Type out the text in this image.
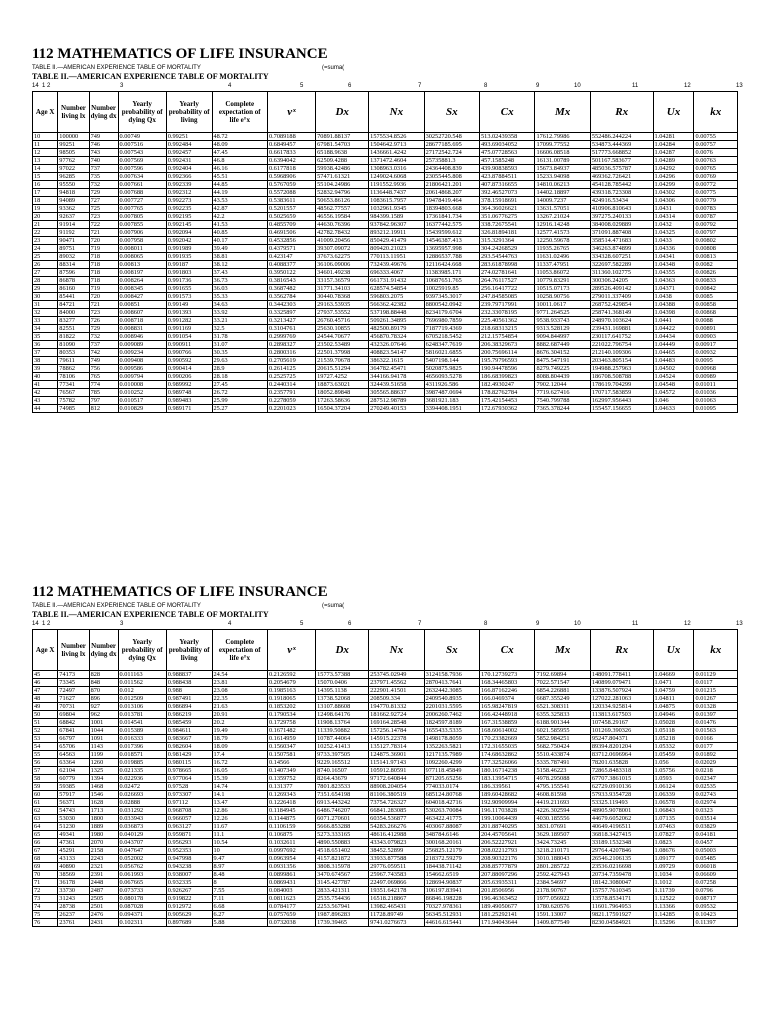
112 MATHEMATICS OF LIFE INSURANCE
TABLE II.—AMERICAN EXPERIENCE TABLE OF MORTALITY	(=suma(
TABLE II.—AMERICAN EXPERIENCE TABLE OF MORTALITY
1 2	3	4	5	6	7	8	9	10	11	12	13
14
Age X	Number living lx	Number dying dx	Yearly probability of dying Qx	Yearly probability of living	Complete expectation of life e°x	vˣ	Dx	Nx	Sx	Cx	Mx	Rx	Ux	kx
10	100000	749	0.00749	0.99251	48.72	0.7089188	70891.88137	1575534.8526	30252720.548	513.02439358	17612.79986	552486.244224	1.04281	0.00755
11	99251	746	0.007516	0.992484	48.09	0.6849457	67981.54703	1504642.9713	28677185.695	493.69034052	17099.77552	534873.444369	1.04284	0.00757
12	98505	743	0.007543	0.992457	47.45	0.6617833	65188.9638	1436661.4242	27172542.724	475.07728563	16606.08518	517773.668852	1.04287	0.0076
13	97762	740	0.007569	0.992431	46.8	0.6394042	62509.4288	1371472.4604	25735881.3	457.1585248	16131.00789	501167.583677	1.04289	0.00763
14	97022	737	0.007596	0.992404	46.16	0.6177818	59938.42486	1308963.0316	24364408.839	439.90838593	15673.84937	485036.575787	1.04292	0.00765
15	96285	735	0.007634	0.992366	45.51	0.5968906	57471.61321	1249024.6068	23055445.808	423.87884511	15233.94098	469362.726421	1.04296	0.00769
16	95550	732	0.007661	0.992339	44.85	0.5767059	55104.24986	1191552.9936	21806421.201	407.87316655	14810.06213	454128.785442	1.04299	0.00772
17	94818	729	0.007688	0.992312	44.19	0.5572088	52832.94796	1136448.7437	20614868.207	392.46527073	14402.18897	439318.723308	1.04302	0.00775
18	94089	727	0.007727	0.992273	43.53	0.5383611	50653.86126	1083615.7957	19478419.464	378.15918691	14009.7237	424916.53434	1.04306	0.00779
19	93362	725	0.007765	0.992235	42.87	0.5201557	48562.77557	1032961.9345	18394803.668	364.36026621	13631.57051	410906.810643	1.0431	0.00783
20	92637	723	0.007805	0.992195	42.2	0.5025659	46556.19584	984399.1589	17361841.734	351.06776275	13267.21024	397275.240133	1.04314	0.00787
21	91914	722	0.007855	0.992145	41.53	0.4855709	44630.76396	937842.96307	16377442.575	338.72675541	12916.14248	384008.029889	1.0432	0.00792
22	91192	721	0.007906	0.992094	40.85	0.4691506	42782.78432	893212.19911	15439599.612	326.81894181	12577.41573	371091.887408	1.04325	0.00797
23	90471	720	0.007958	0.992042	40.17	0.4532856	41009.20456	850429.41479	14546387.413	315.3291364	12250.59678	358514.471683	1.0433	0.00802
24	89751	719	0.008011	0.991989	39.49	0.4379571	39307.09072	809420.21023	13695957.998	304.24268529	11935.26765	346263.874899	1.04336	0.00808
25	89032	718	0.008065	0.991935	38.81	0.423147	37673.62275	770113.11951	12886537.788	293.54544763	11631.02496	334328.607251	1.04341	0.00813
26	88314	718	0.00813	0.99187	38.12	0.4088377	36106.09006	732439.49676	12116424.668	283.61878998	11337.47951	322697.582289	1.04348	0.0082
27	87596	718	0.008197	0.991803	37.43	0.3950122	34601.49238	696333.4067	11383985.171	274.02781641	11053.86072	311360.102775	1.04355	0.00826
28	86878	718	0.008264	0.991736	36.73	0.3816543	33157.36579	661731.91432	10687651.765	264.76117527	10779.83291	300306.24205	1.04363	0.00833
29	86160	719	0.008345	0.991655	36.03	0.3687482	31771.34103	628574.54854	10025919.85	256.16417722	10515.07173	289526.409142	1.04371	0.00842
30	85441	720	0.008427	0.991573	35.33	0.3562784	30440.78368	596803.2075	9397345.3017	247.84585085	10258.90756	279011.337409	1.0438	0.0085
31	84721	721	0.00851	0.99149	34.63	0.3442303	29163.53935	566362.42382	8800542.0942	239.79717991	10011.0617	268752.429854	1.04388	0.00858
32	84000	723	0.008607	0.991393	33.92	0.3325897	27937.53552	537198.88448	8234179.6704	232.33078195	9771.264525	258741.368149	1.04398	0.00868
33	83277	726	0.008718	0.991282	33.21	0.3213427	26760.45716	509261.34895	7696980.7859	225.40561362	9538.933743	248970.103624	1.0441	0.0088
34	82551	729	0.008831	0.991169	32.5	0.3104761	25630.10855	482500.89179	7187719.4369	218.68313215	9313.528129	239431.169881	1.04422	0.00891
35	81822	732	0.008946	0.991054	31.78	0.2999769	24544.70677	456870.78324	6705218.5452	212.15754854	9094.844997	230117.641752	1.04434	0.00903
36	81090	737	0.009089	0.990911	31.07	0.2898327	23502.53489	432326.07646	6248347.7619	206.38329673	8882.687449	221022.796754	1.04449	0.00917
37	80353	742	0.009234	0.990766	30.35	0.2800316	22501.37998	408823.54147	5816021.6855	200.75696114	8676.304152	212140.109306	1.04465	0.00932
38	79611	749	0.009408	0.990592	29.63	0.2705619	21539.70678	386322.1615	5407198.144	195.79796593	8475.547191	203463.805154	1.04483	0.0095
39	78862	756	0.009586	0.990414	28.9	0.2614125	20615.51294	364782.45471	5020875.9825	190.94478596	8279.749225	194988.257963	1.04502	0.00968
40	78106	765	0.009794	0.990206	28.18	0.2525725	19727.4252	344166.94178	4656093.5278	186.68399823	8088.804439	186708.508788	1.04524	0.00989
41	77341	774	0.010008	0.989992	27.45	0.2440314	18873.63021	324439.51658	4311926.586	182.4930247	7902.12044	178619.704299	1.04548	0.01011
42	76567	785	0.010252	0.989748	26.72	0.2357791	18052.89848	305565.88637	3987487.0694	178.82762784	7719.627416	170717.583859	1.04572	0.01036
43	75782	797	0.010517	0.989483	25.99	0.2278059	17263.58636	287512.98789	3681921.183	175.42154453	7540.799788	162997.956443	1.046	0.01063
44	74985	812	0.010829	0.989171	25.27	0.2201023	16504.37204	270249.40153	3394408.1951	172.67930362	7365.378244	155457.156655	1.04633	0.01095
112 MATHEMATICS OF LIFE INSURANCE
TABLE II.—AMERICAN EXPERIENCE TABLE OF MORTALITY	(=suma(
TABLE II.—AMERICAN EXPERIENCE TABLE OF MORTALITY
1 2	3	4	5	6	7	8	9	10	11	12	13
14
Age X	Number living lx	Number dying dx	Yearly probability of dying Qx	Yearly probability of living	Complete expectation of life e°x	vˣ	Dx	Nx	Sx	Cx	Mx	Rx	Ux	kx
45	74173	828	0.011163	0.988837	24.54	0.2126592	15773.57388	253745.02949	3124158.7936	170.12739273	7192.69894	148091.778411	1.04669	0.01129
46	73345	848	0.011562	0.988438	23.81	0.2054679	15070.0406	237971.45562	2870413.7641	168.34465803	7022.571547	140899.079471	1.0471	0.0117
47	72497	870	0.012	0.988	23.08	0.1985163	14395.1138	222901.41501	2632442.3085	166.87162246	6854.226881	133876.507924	1.04759	0.01215
48	71627	896	0.012509	0.987491	22.35	0.1918065	13738.52068	208509.334	2409540.8935	166.0469374	6687.355249	127022.281063	1.04811	0.01267
49	70731	927	0.013106	0.986894	21.63	0.1853202	13107.88608	194770.81332	2201031.5595	165.98247819	6521.308311	120334.925814	1.04875	0.01328
50	69804	962	0.013781	0.986219	20.91	0.1790534	12498.64176	181662.92724	2006260.7462	166.42448918	6355.325833	113813.617503	1.04946	0.01397
51	68842	1001	0.014541	0.985459	20.2	0.1729758	11908.13764	169164.28548	1824597.8189	167.31538859	6188.901344	107458.29167	1.05028	0.01476
52	67841	1044	0.015389	0.984611	19.49	0.1671482	11339.50882	157256.14784	1655433.5335	168.60614002	6021.585955	101269.390326	1.05118	0.01563
53	66797	1091	0.016333	0.983667	18.79	0.1614959	10787.44064	145915.22378	1498178.8059	170.23382669	5852.984251	95247.804371	1.05218	0.0166
54	65706	1143	0.017396	0.982604	18.09	0.1560347	10252.41413	135127.78314	1352263.5821	172.31655035	5682.750424	89394.8201204	1.05332	0.0177
55	64563	1199	0.018571	0.981429	17.4	0.1507581	9733.397505	124875.36901	1217135.7989	174.68632862	5510.433874	83712.0696964	1.05459	0.01892
56	63364	1260	0.019885	0.980115	16.72	0.14566	9229.165512	115141.97143	1092260.4299	177.32526066	5335.787491	78201.635828	1.056	0.02029
57	62104	1325	0.021335	0.978665	16.05	0.1407349	8740.16507	105912.80591	977118.45849	180.16714238	5158.46223	72865.8483318	1.05756	0.0218
58	60779	1394	0.022936	0.977064	15.39	0.1359752	8264.43679	97172.640844	871205.65256	183.13954715	4978.295088	67707.3861015	1.0593	0.02347
59	59385	1468	0.02472	0.97528	14.74	0.131377	7801.823533	88908.204054	774033.0174	186.339561	4795.155541	62729.0910136	1.06124	0.02535
60	57917	1546	0.026693	0.973307	14.1	0.1269343	7351.654198	81106.380519	685124.80768	189.60428682	4608.81598	57933.9354728	1.06339	0.02743
61	56371	1628	0.02888	0.97112	13.47	0.1226418	6913.443242	73754.726327	604018.42716	192.90909994	4419.211693	53325.119493	1.06578	0.02974
62	54743	1713	0.031292	0.968708	12.86	0.1184945	6486.746207	66841.283085	530263.70084	196.11703828	4226.302594	48905.9078001	1.06843	0.0323
63	53030	1800	0.033943	0.966057	12.26	0.1144875	6071.270601	60354.536877	463422.41775	199.10064439	4030.185556	44679.6052062	1.07135	0.03514
64	51230	1889	0.036873	0.963127	11.67	0.1106159	5666.853288	54283.266276	403067.88087	201.88740295	3831.07691	40649.4196511	1.07463	0.03829
65	49341	1980	0.040129	0.959871	11.1	0.106875	5273.333165	48616.412988	348784.6146	204.45705641	3629.189507	36818.3427415	1.07827	0.04181
66	47361	2070	0.043707	0.956293	10.54	0.1032611	4890.550883	43343.079823	300168.20161	206.52227921	3424.73245	33189.1532348	1.0823	0.0457
67	45291	2158	0.047647	0.952353	10	0.0997692	4518.651402	38452.52899	256825.12179	208.02212793	3218.210171	29764.4207846	1.08676	0.05003
68	43133	2243	0.052002	0.947998	9.47	0.0963954	4157.821872	33933.877588	218372.59279	208.90322176	3010.188043	26546.2106135	1.09177	0.05485
69	40890	2321	0.056762	0.943238	8.97	0.0931356	3808.315978	29776.059511	184438.71142	208.85777879	2801.285722	23536.0216698	1.09729	0.06018
70	38569	2391	0.061993	0.938007	8.48	0.0899861	3470.674567	25967.743583	154662.6519	207.88097296	2592.427943	20734.7359478	1.1034	0.06609
71	36178	2448	0.067665	0.932335	8	0.0869431	3145.427787	22497.069866	128694.90837	205.63935311	2384.54697	18142.3080047	1.1012	0.07258
72	33730	2487	0.073733	0.926267	7.55	0.084003	2833.421311	19351.642178	106197.83941	201.8506956	2178.90767	15757.7610345	1.11739	0.0796
73	31243	2505	0.080178	0.919822	7.11	0.0811623	2535.754436	16518.218867	86846.198228	196.46363452	1977.056922	13578.8534171	1.12522	0.08717
74	28738	2501	0.087028	0.912972	6.68	0.0784177	2253.567941	13982.465431	70327.978361	189.49050677	1780.620576	11601.7964953	1.13366	0.09532
75	26237	2476	0.094371	0.905629	6.27	0.0757659	1987.896283	11728.89749	56345.512931	181.25292141	1591.13007	9821.17591927	1.14285	0.10423
76	23761	2431	0.102311	0.897689	5.88	0.0732038	1739.39465	9741.0276673	44616.615441	171.94043644	1409.877549	8230.04584921	1.15296	0.11397
